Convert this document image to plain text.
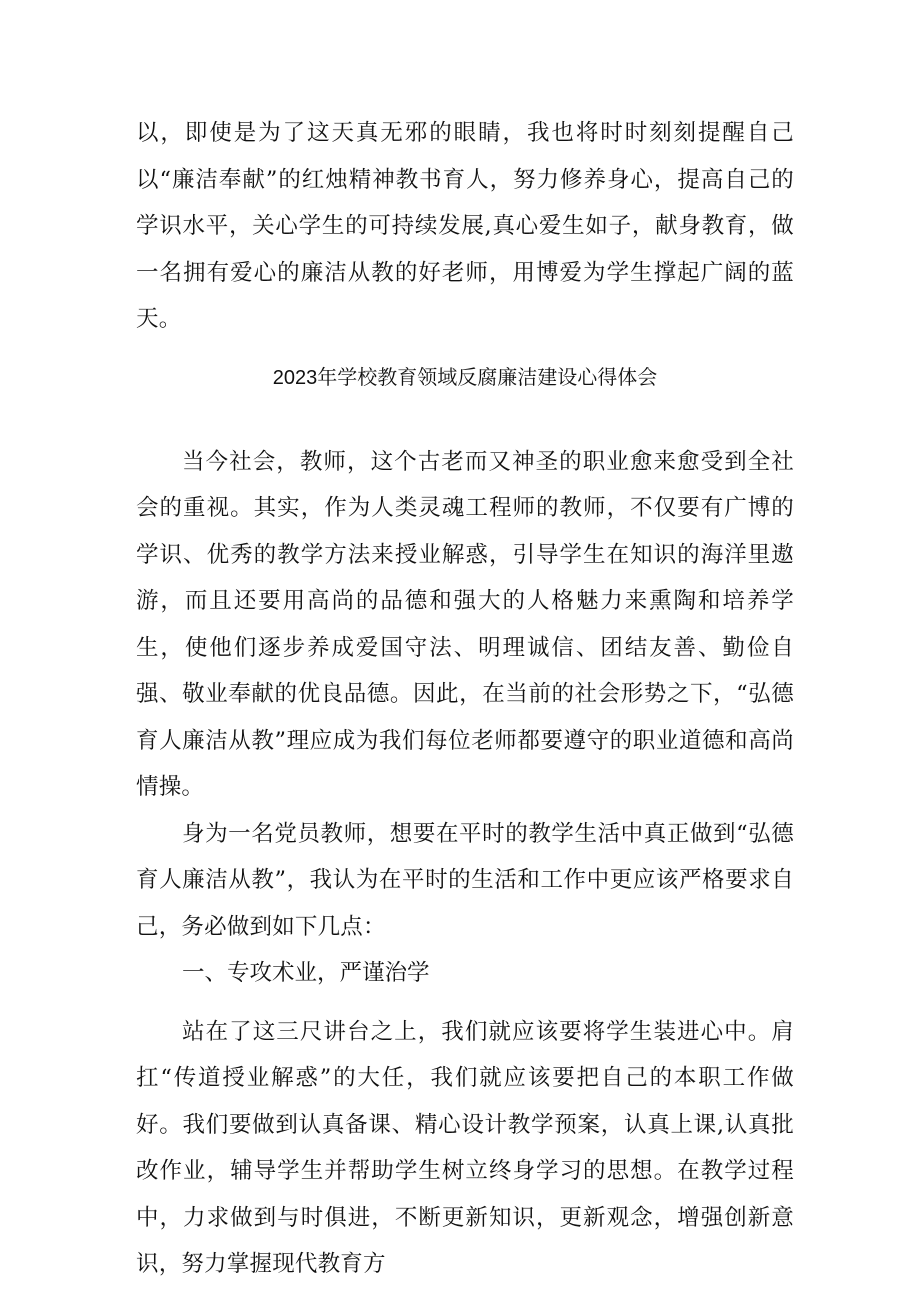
以，即使是为了这天真无邪的眼睛，我也将时时刻刻提醒自己以“廉洁奉献”的红烛精神教书育人，努力修养身心，提高自己的学识水平，关心学生的可持续发展,真心爱生如子，献身教育，做一名拥有爱心的廉洁从教的好老师，用博爱为学生撑起广阔的蓝天。

2023年学校教育领域反腐廉洁建设心得体会

当今社会，教师，这个古老而又神圣的职业愈来愈受到全社会的重视。其实，作为人类灵魂工程师的教师，不仅要有广博的学识、优秀的教学方法来授业解惑，引导学生在知识的海洋里遨游，而且还要用高尚的品德和强大的人格魅力来熏陶和培养学生，使他们逐步养成爱国守法、明理诚信、团结友善、勤俭自强、敬业奉献的优良品德。因此，在当前的社会形势之下，“弘德育人廉洁从教”理应成为我们每位老师都要遵守的职业道德和高尚情操。

身为一名党员教师，想要在平时的教学生活中真正做到“弘德育人廉洁从教”，我认为在平时的生活和工作中更应该严格要求自己，务必做到如下几点：

一、专攻术业，严谨治学

站在了这三尺讲台之上，我们就应该要将学生装进心中。肩扛“传道授业解惑”的大任，我们就应该要把自己的本职工作做好。我们要做到认真备课、精心设计教学预案，认真上课,认真批改作业，辅导学生并帮助学生树立终身学习的思想。在教学过程中，力求做到与时俱进，不断更新知识，更新观念，增强创新意识，努力掌握现代教育方
